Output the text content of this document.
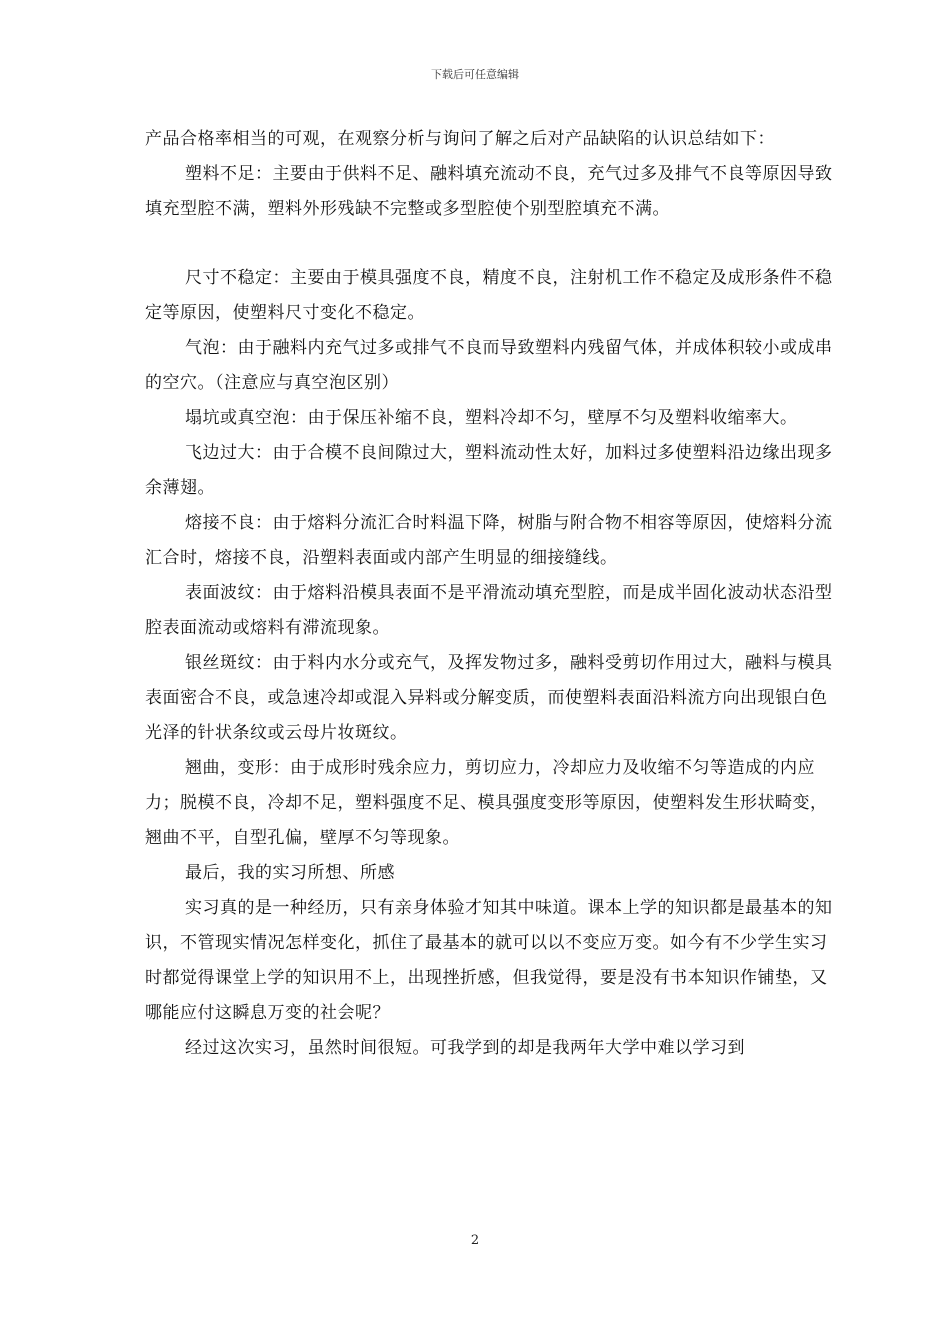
下载后可任意编辑

产品合格率相当的可观，在观察分析与询问了解之后对产品缺陷的认识总结如下：

塑料不足：主要由于供料不足、融料填充流动不良，充气过多及排气不良等原因导致填充型腔不满，塑料外形残缺不完整或多型腔使个别型腔填充不满。

尺寸不稳定：主要由于模具强度不良，精度不良，注射机工作不稳定及成形条件不稳定等原因，使塑料尺寸变化不稳定。

气泡：由于融料内充气过多或排气不良而导致塑料内残留气体，并成体积较小或成串的空穴。（注意应与真空泡区别）

塌坑或真空泡：由于保压补缩不良，塑料冷却不匀，壁厚不匀及塑料收缩率大。

飞边过大：由于合模不良间隙过大，塑料流动性太好，加料过多使塑料沿边缘出现多余薄翅。

熔接不良：由于熔料分流汇合时料温下降，树脂与附合物不相容等原因，使熔料分流汇合时，熔接不良，沿塑料表面或内部产生明显的细接缝线。

表面波纹：由于熔料沿模具表面不是平滑流动填充型腔，而是成半固化波动状态沿型腔表面流动或熔料有滞流现象。

银丝斑纹：由于料内水分或充气，及挥发物过多，融料受剪切作用过大，融料与模具表面密合不良，或急速冷却或混入异料或分解变质，而使塑料表面沿料流方向出现银白色光泽的针状条纹或云母片妆斑纹。

翘曲，变形：由于成形时残余应力，剪切应力，冷却应力及收缩不匀等造成的内应力；脱模不良，冷却不足，塑料强度不足、模具强度变形等原因，使塑料发生形状畸变，翘曲不平，自型孔偏，壁厚不匀等现象。

最后，我的实习所想、所感

实习真的是一种经历，只有亲身体验才知其中味道。课本上学的知识都是最基本的知识，不管现实情况怎样变化，抓住了最基本的就可以以不变应万变。如今有不少学生实习时都觉得课堂上学的知识用不上，出现挫折感，但我觉得，要是没有书本知识作铺垫，又哪能应付这瞬息万变的社会呢？

经过这次实习，虽然时间很短。可我学到的却是我两年大学中难以学习到

2
